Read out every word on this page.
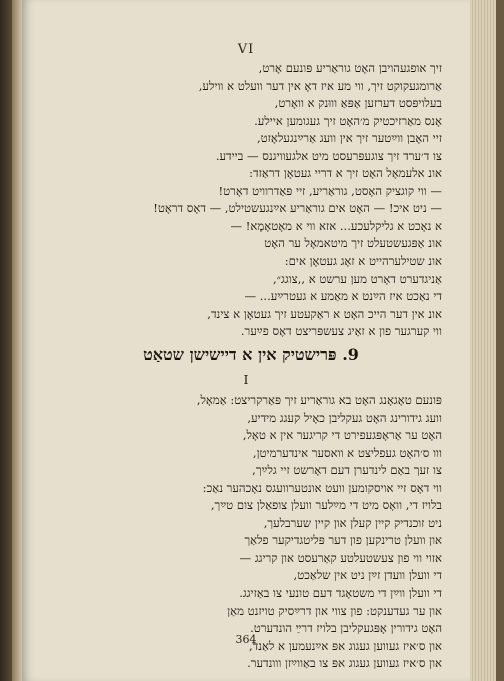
VI
זיך אופגעהויבן האָט גוראַריע פּונעם אָרט,
אַרומגעקוקט זיך, ווי מע איז דאָ אין דער וועלט א ווילע,
בעלויפּסט דערזען אַפּאַ וווּנק א וואָרט,
אָנס מאַרזיכטיק מ׳האָט זיך געגומען איילע.
זיי האָבן ווײַטער זיך אין וועג אַרײַנגעלאָזט,
צו ד׳ערד זיך צוגעפּרעסט מיט אלגעוויגנס — ביידע.
אונ אלעמאָל האָט זיך א דריי געטאָן דראַזד:
— ווי קוגציק האָסט, גוראַריע, זיי פּאַדרוויט דאָרט!
— ניט איכ! — האָט אים גוראַריע אײַנגעשטילט, — דאָס דראָט!
א נאָכט א גליקלעכע... אזא ווי א מאָטאָמָא! —
אונ אַפּגעשטעלט זיך מיטאמאָל ער האָט
אונ שטילערהייט א זאָג געטאָן אים:
אַניגדערט דאָרט מען ערשט א ,,צוגג״,
די נאַכט איז הײַנט א מאַמע א געטרײַע... —
אונ אין דער הייכ האָט א ראַקעטע זיך געטאָן א צינד,
ווי קערגער פון א זאַיג צעשפּריצט דאָס פײַער.
9. פּרישטיק אין א דיישישן שטאַט
I
פּונעם טאָגאָנג האָט בא גוראַריע זיך פּאַרקריצט: אַמאָל,
וועג גידורינג האָט געקליבן כאָיל קעגג מידיע,
האָט ער אַראָפּגעפירט די קריגער אין א טאָל,
ווו ס׳האָט געפליצט א וואסער אינדערמיטן,
צו זעך באַם לינדערן דעם דאָרשט זיי גלײַך,
ווי דאָס זיי אויסקומען וועט אונטערוועגס נאָכהער נאַכ:
בלויז די, וואָס מיט די מײַלער וועלן צופאַלן צום טײַך,
ניט זוכנדיק קיין קעלן און קיין שערבלעך,
און וועלן טרינקען פון דער פּליטגדיקער פלאַך
אזוי ווי פון צעשטעלטע קאַרעסט און קריגג —
די וועלן וועדן זײַן ניט אין שלאַכט,
די וועלן ווײַן די משטאָגד דעם טונעי צו באַזיגג.
און ער געדענקט: פון צווי און דרײַסיק טויזנט מאַן
האָט גידורין אָפּגעקליבן בלויז דרײַ הונדערט.
און ס׳איז געווען געגוג אפּ אײַנעמען א לאַנד,
און ס׳איז געווען געגוג אפּ צו באַווײַזן ווונדער.
364
